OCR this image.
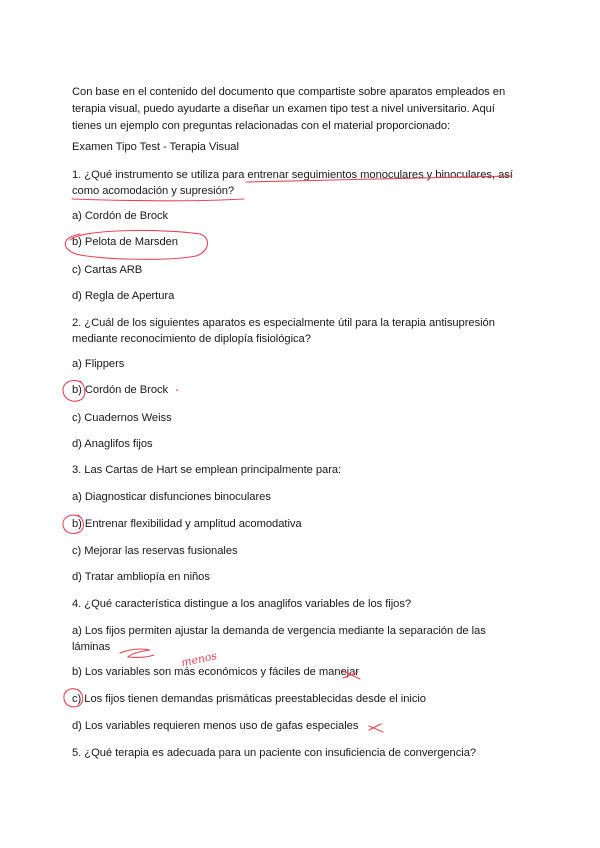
Con base en el contenido del documento que compartiste sobre aparatos empleados en
terapia visual, puedo ayudarte a diseñar un examen tipo test a nivel universitario. Aquí
tienes un ejemplo con preguntas relacionadas con el material proporcionado:
Examen Tipo Test - Terapia Visual
1. ¿Qué instrumento se utiliza para entrenar seguimientos monoculares y binoculares, así
como acomodación y supresión?
a) Cordón de Brock
b) Pelota de Marsden
c) Cartas ARB
d) Regla de Apertura
2. ¿Cuál de los siguientes aparatos es especialmente útil para la terapia antisupresión
mediante reconocimiento de diplopía fisiológica?
a) Flippers
b) Cordón de Brock
c) Cuadernos Weiss
d) Anaglifos fijos
3. Las Cartas de Hart se emplean principalmente para:
a) Diagnosticar disfunciones binoculares
b) Entrenar flexibilidad y amplitud acomodativa
c) Mejorar las reservas fusionales
d) Tratar ambliopía en niños
4. ¿Qué característica distingue a los anaglifos variables de los fijos?
a) Los fijos permiten ajustar la demanda de vergencia mediante la separación de las
láminas
b) Los variables son más económicos y fáciles de manejar
c) Los fijos tienen demandas prismáticas preestablecidas desde el inicio
d) Los variables requieren menos uso de gafas especiales
5. ¿Qué terapia es adecuada para un paciente con insuficiencia de convergencia?
menos
